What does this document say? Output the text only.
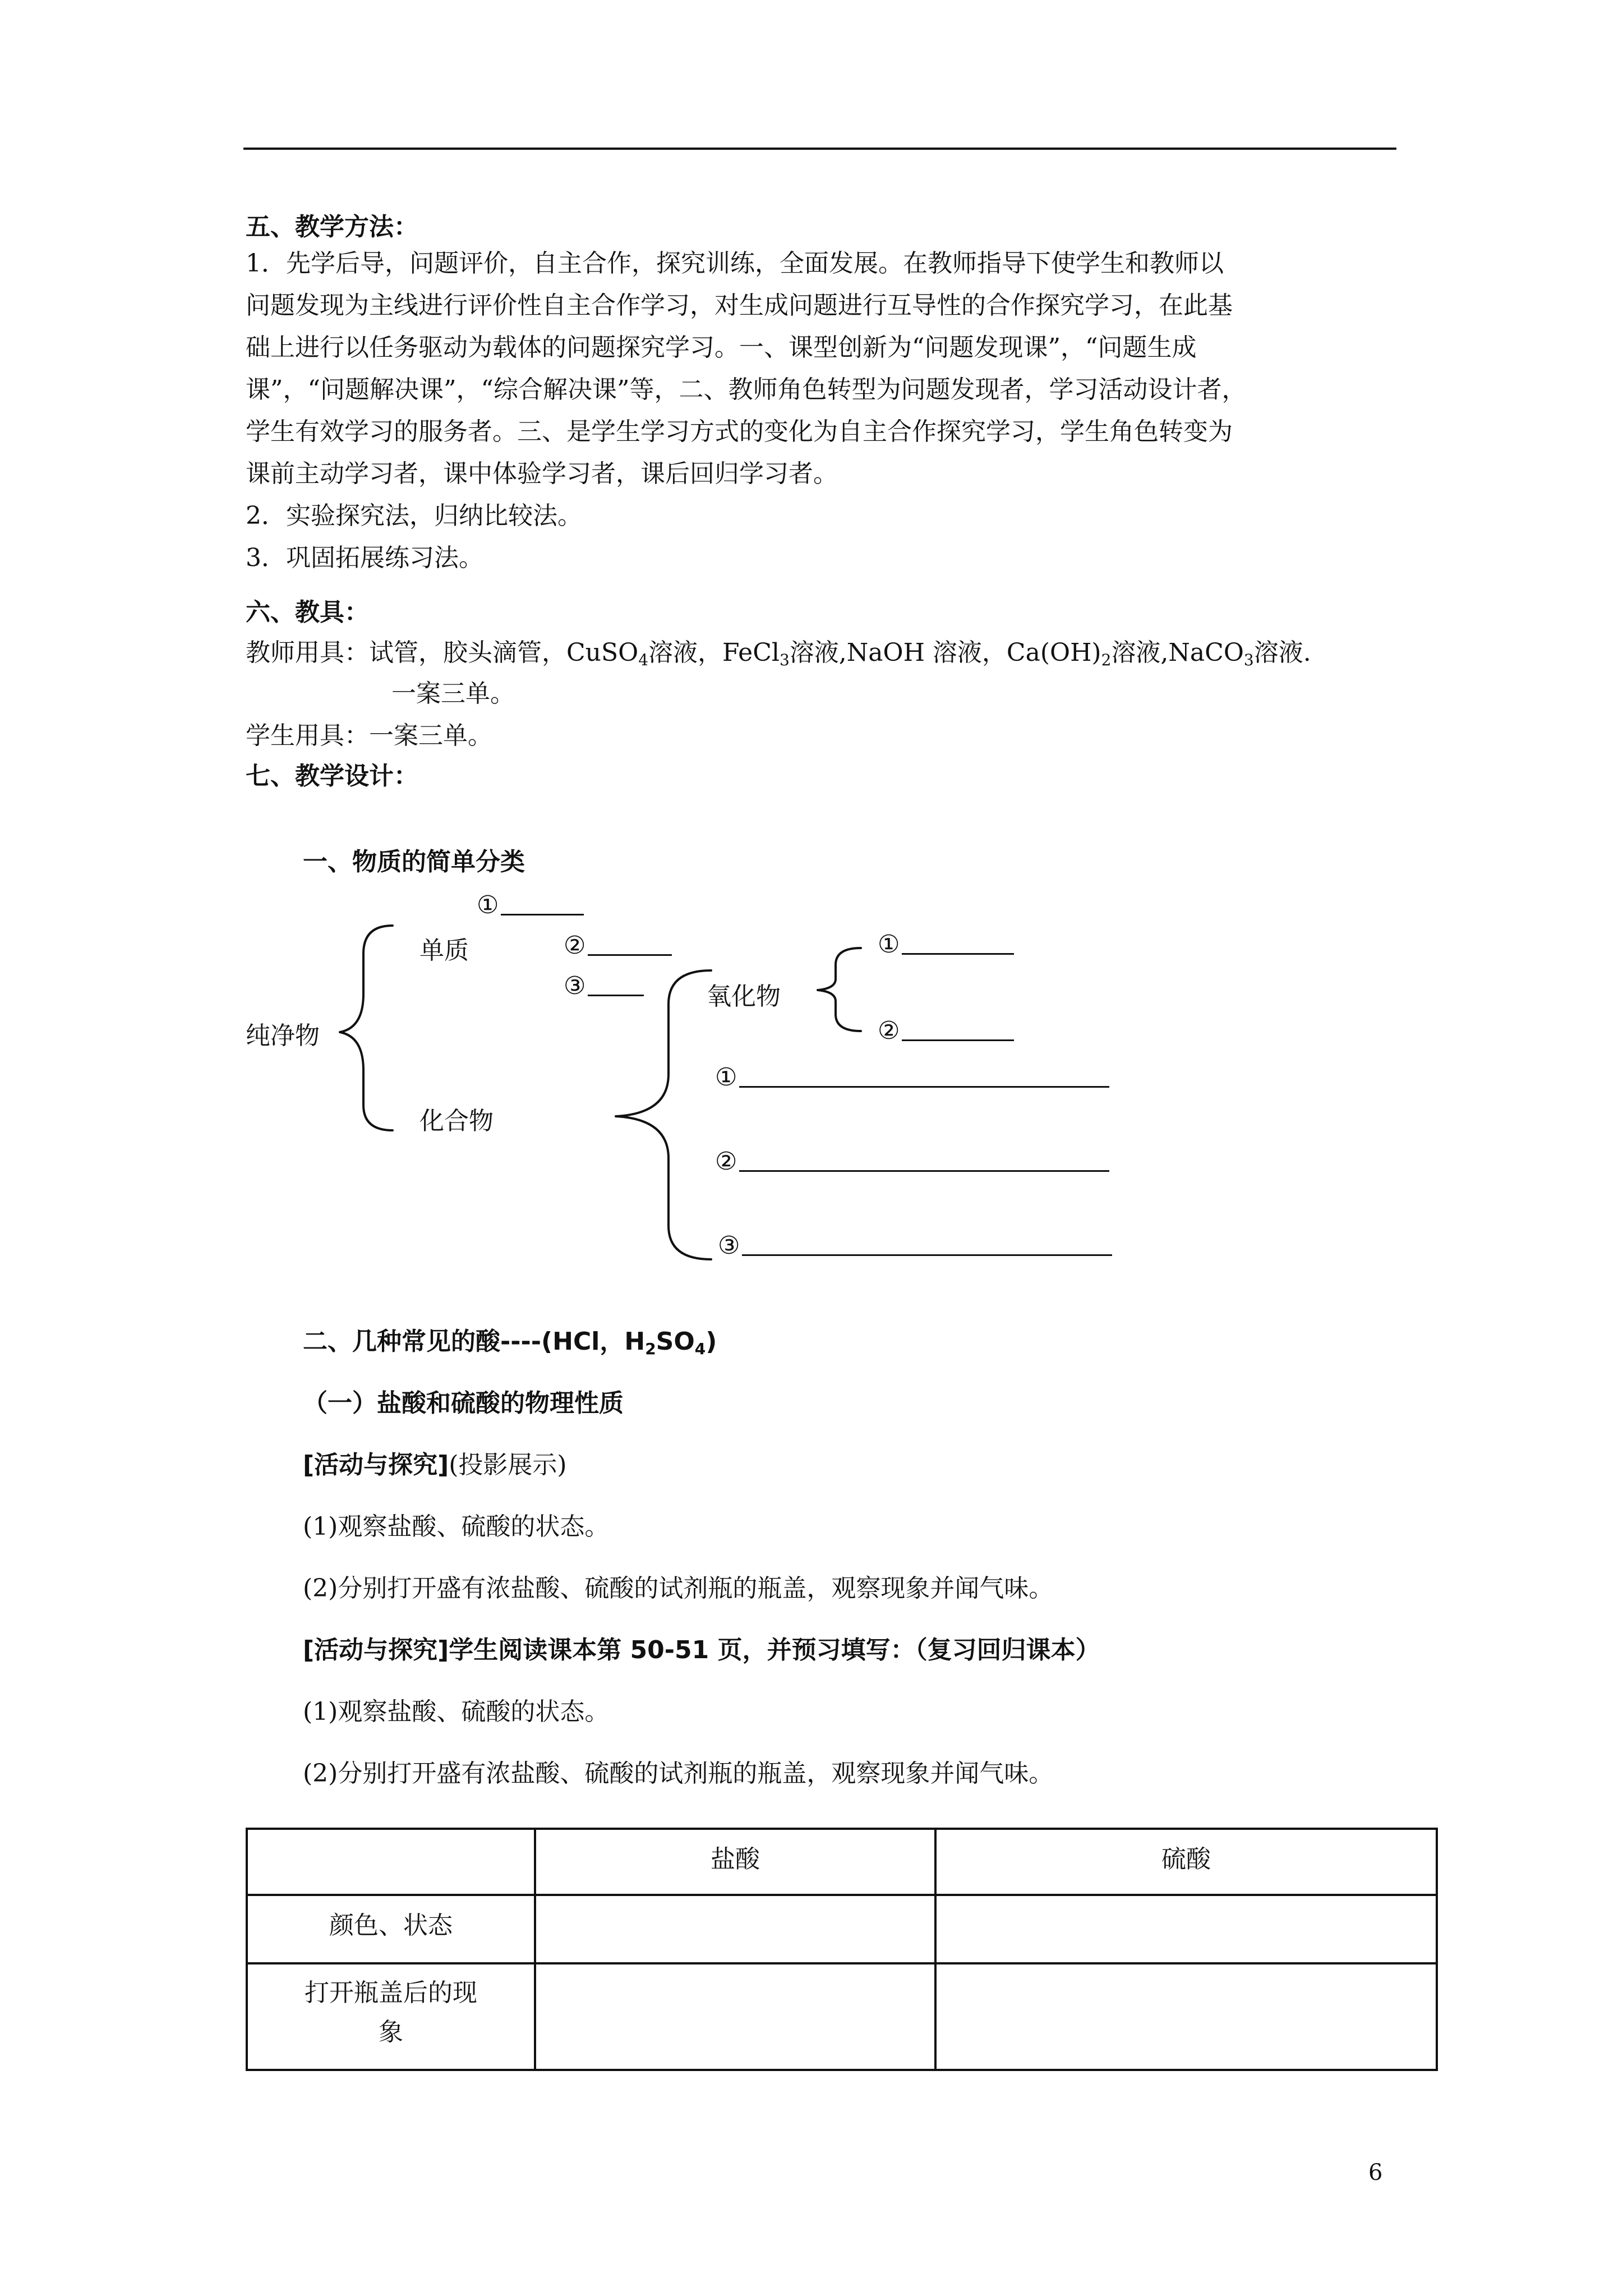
五、教学方法：
1．先学后导，问题评价，自主合作，探究训练，全面发展。在教师指导下使学生和教师以
问题发现为主线进行评价性自主合作学习，对生成问题进行互导性的合作探究学习，在此基
础上进行以任务驱动为载体的问题探究学习。一、课型创新为“问题发现课”，“问题生成
课”，“问题解决课”，“综合解决课”等，二、教师角色转型为问题发现者，学习活动设计者，
学生有效学习的服务者。三、是学生学习方式的变化为自主合作探究学习，学生角色转变为
课前主动学习者，课中体验学习者，课后回归学习者。
2．实验探究法，归纳比较法。
3．巩固拓展练习法。
六、教具：
教师用具：试管，胶头滴管，CuSO$_4$溶液，FeCl$_3$溶液,NaOH 溶液，$Ca(OH)_2$溶液,NaCO$_3$溶液.
一案三单。
学生用具：一案三单。
七、教学设计：
一、物质的简单分类
纯净物
单质
化合物
氧化物
①
②
③
①
②
①
②
③
二、几种常见的酸----(HCl，$H_2SO_4$)
（一）盐酸和硫酸的物理性质
[活动与探究](投影展示)
(1)观察盐酸、硫酸的状态。
(2)分别打开盛有浓盐酸、硫酸的试剂瓶的瓶盖，观察现象并闻气味。
[活动与探究]学生阅读课本第 50-51 页，并预习填写：（复习回归课本）
(1)观察盐酸、硫酸的状态。
(2)分别打开盛有浓盐酸、硫酸的试剂瓶的瓶盖，观察现象并闻气味。
	盐酸	硫酸
颜色、状态		

打开瓶盖后的现
象		

6
